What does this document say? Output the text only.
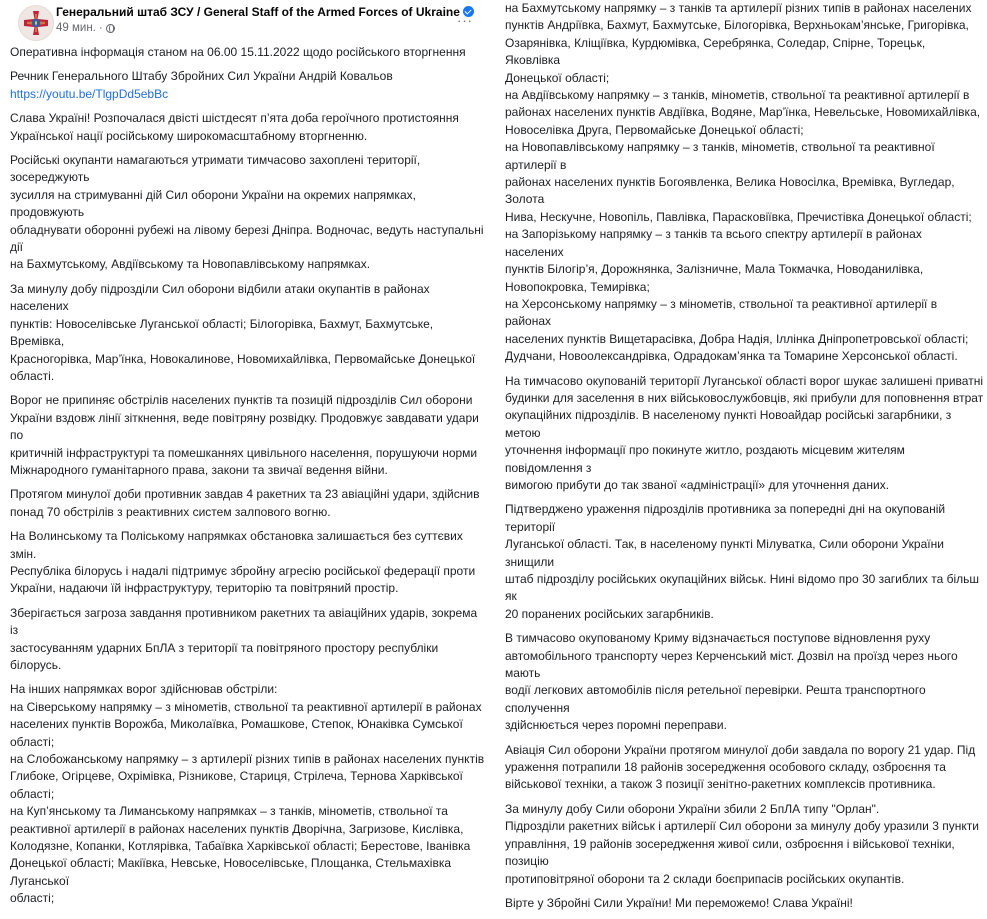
Генеральний штаб ЗСУ / General Staff of the Armed Forces of Ukraine
49 мин. ·	···

Оперативна інформація станом на 06.00 15.11.2022 щодо російського вторгнення

Речник Генерального Штабу Збройних Сил України Андрій Ковальов
https://youtu.be/TlgpDd5ebBc

Слава Україні! Розпочалася двісті шістдесят п’ята доба героїчного протистояння
Української нації російському широкомасштабному вторгненню.

Російські окупанти намагаються утримати тимчасово захоплені території, зосереджують
зусилля на стримуванні дій Сил оборони України на окремих напрямках, продовжують
обладнувати оборонні рубежі на лівому березі Дніпра. Водночас, ведуть наступальні дії
на Бахмутському, Авдіївському та Новопавлівському напрямках.

За минулу добу підрозділи Сил оборони відбили атаки окупантів в районах населених
пунктів: Новоселівське Луганської області; Білогорівка, Бахмут, Бахмутське, Времівка,
Красногорівка, Мар’їнка, Новокалинове, Новомихайлівка, Первомайське Донецької
області.

Ворог не припиняє обстрілів населених пунктів та позицій підрозділів Сил оборони
України вздовж лінії зіткнення, веде повітряну розвідку. Продовжує завдавати удари по
критичній інфраструктурі та помешканнях цивільного населення, порушуючи норми
Міжнародного гуманітарного права, закони та звичаї ведення війни.

Протягом минулої доби противник завдав 4 ракетних та 23 авіаційні удари, здійснив
понад 70 обстрілів з реактивних систем залпового вогню.

На Волинському та Поліському напрямках обстановка залишається без суттєвих змін.
Республіка білорусь і надалі підтримує збройну агресію російської федерації проти
України, надаючи їй інфраструктуру, територію та повітряний простір.

Зберігається загроза завдання противником ракетних та авіаційних ударів, зокрема із
застосуванням ударних БпЛА з території та повітряного простору республіки білорусь.

На інших напрямках ворог здійснював обстріли:
на Сіверському напрямку – з мінометів, ствольної та реактивної артилерії в районах
населених пунктів Ворожба, Миколаївка, Ромашкове, Степок, Юнаківка Сумської області;
на Слобожанському напрямку – з артилерії різних типів в районах населених пунктів
Глибоке, Огірцеве, Охрімівка, Різникове, Стариця, Стрілеча, Тернова Харківської області;
на Куп’янському та Лиманському напрямках – з танків, мінометів, ствольної та
реактивної артилерії в районах населених пунктів Дворічна, Загризове, Кислівка,
Колодязне, Копанки, Котлярівка, Табаївка Харківської області; Берестове, Іванівка
Донецької області; Макіївка, Невське, Новоселівське, Площанка, Стельмахівка Луганської
області;

на Бахмутському напрямку – з танків та артилерії різних типів в районах населених
пунктів Андріївка, Бахмут, Бахмутське, Білогорівка, Верхньокам’янське, Григорівка,
Озарянівка, Кліщіївка, Курдюмівка, Серебрянка, Соледар, Спірне, Торецьк, Яковлівка
Донецької області;
на Авдіївському напрямку – з танків, мінометів, ствольної та реактивної артилерії в
районах населених пунктів Авдіївка, Водяне, Мар’їнка, Невельське, Новомихайлівка,
Новоселівка Друга, Первомайське Донецької області;
на Новопавлівському напрямку – з танків, мінометів, ствольної та реактивної артилерії в
районах населених пунктів Богоявленка, Велика Новосілка, Времівка, Вугледар, Золота
Нива, Нескучне, Новопіль, Павлівка, Парасковіївка, Пречистівка Донецької області;
на Запорізькому напрямку – з танків та всього спектру артилерії в районах населених
пунктів Білогір’я, Дорожнянка, Залізничне, Мала Токмачка, Новоданилівка,
Новопокровка, Темирівка;
на Херсонському напрямку – з мінометів, ствольної та реактивної артилерії в районах
населених пунктів Вищетарасівка, Добра Надія, Іллінка Дніпропетровської області;
Дудчани, Новоолександрівка, Одрадокам’янка та Томарине Херсонської області.

На тимчасово окупованій території Луганської області ворог шукає залишені приватні
будинки для заселення в них військовослужбовців, які прибули для поповнення втрат
окупаційних підрозділів. В населеному пункті Новоайдар російські загарбники, з метою
уточнення інформації про покинуте житло, роздають місцевим жителям повідомлення з
вимогою прибути до так званої «адміністрації» для уточнення даних.

Підтверджено ураження підрозділів противника за попередні дні на окупованій території
Луганської області. Так, в населеному пункті Мілуватка, Сили оборони України знищили
штаб підрозділу російських окупаційних військ. Нині відомо про 30 загиблих та більш як
20 поранених російських загарбників.

В тимчасово окупованому Криму відзначається поступове відновлення руху
автомобільного транспорту через Керченський міст. Дозвіл на проїзд через нього мають
водії легкових автомобілів після ретельної перевірки. Решта транспортного сполучення
здійснюється через поромні переправи.

Авіація Сил оборони України протягом минулої доби завдала по ворогу 21 удар. Під
ураження потрапили 18 районів зосередження особового складу, озброєння та
військової техніки, а також 3 позиції зенітно-ракетних комплексів противника.

За минулу добу Сили оборони України збили 2 БпЛА типу "Орлан".
Підрозділи ракетних військ і артилерії Сил оборони за минулу добу уразили 3 пункти
управління, 19 районів зосередження живої сили, озброєння і військової техніки, позицію
протиповітряної оборони та 2 склади боєприпасів російських окупантів.

Вірте у Збройні Сили України! Ми переможемо! Слава Україні!
